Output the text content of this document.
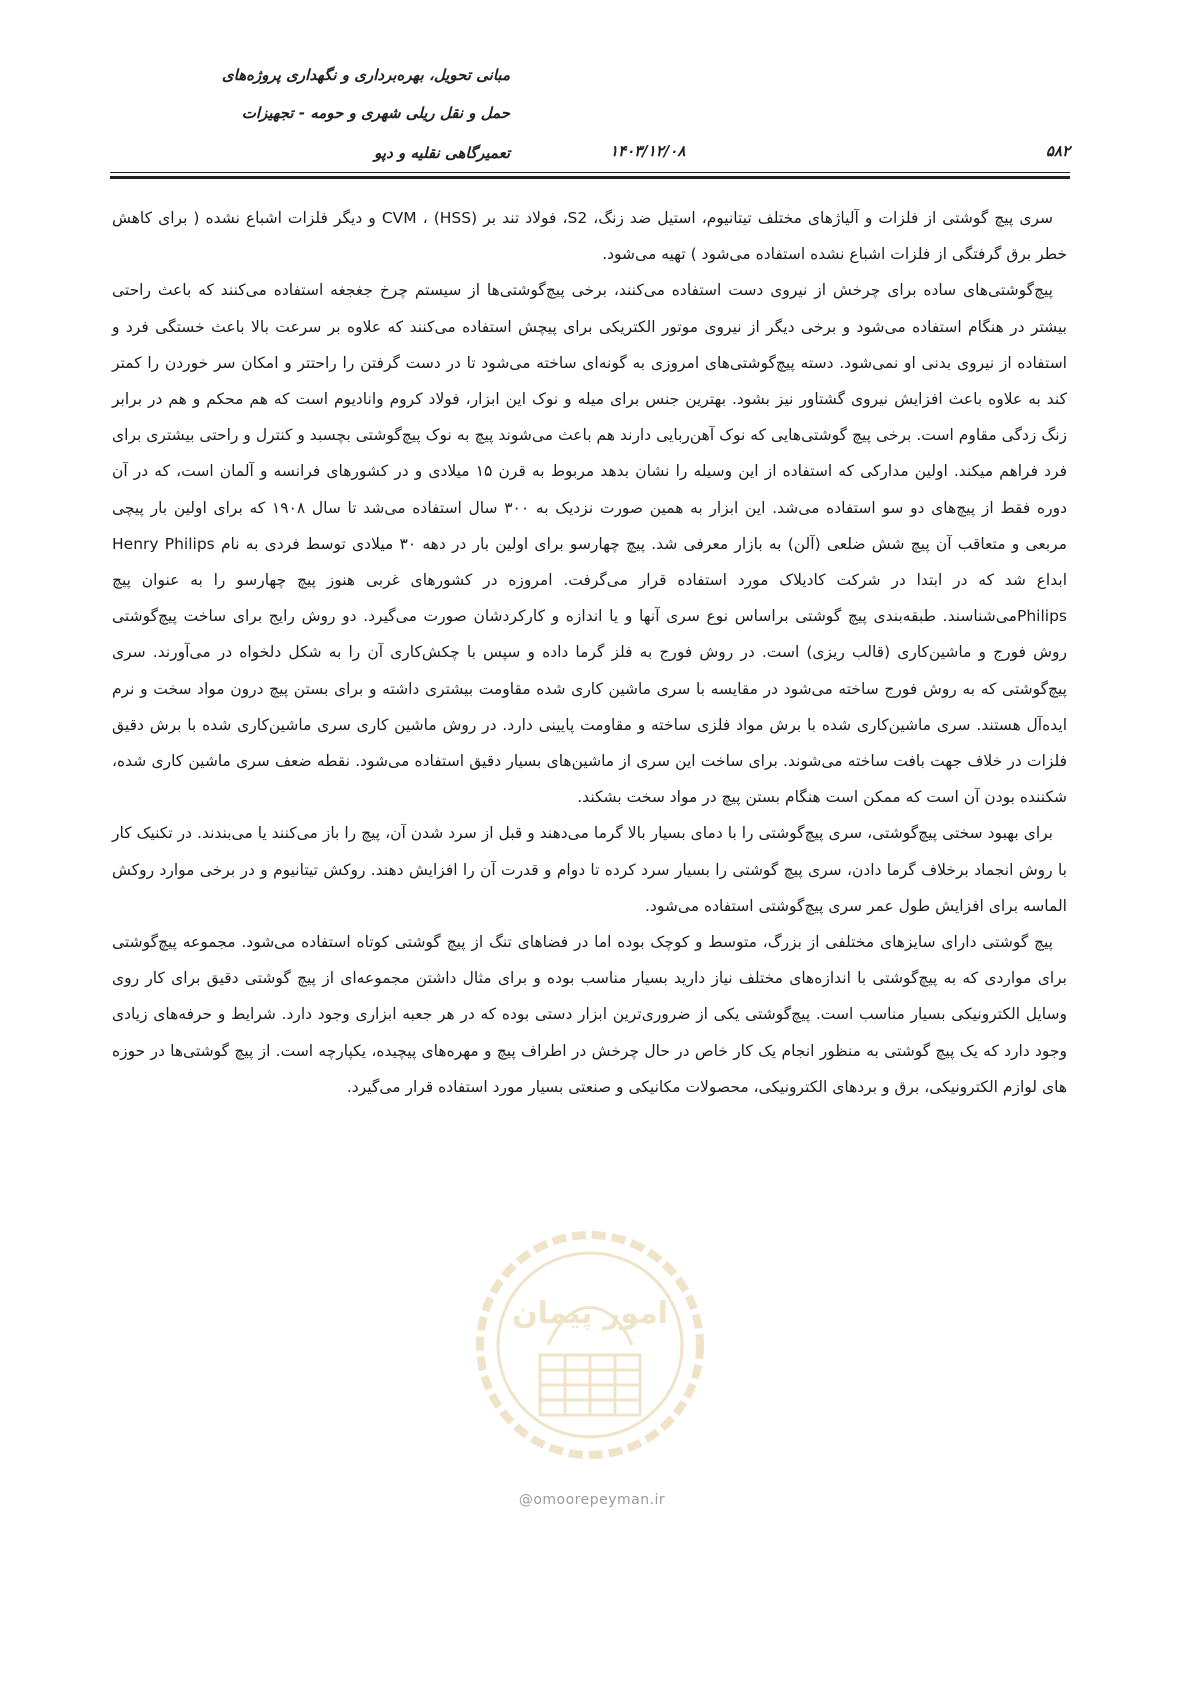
مبانی تحویل، بهره‌برداری و نگهداری پروژه‌های
حمل و نقل ریلی شهری و حومه - تجهیزات
تعمیرگاهی نقلیه و دپو	۱۴۰۳/۱۲/۰۸	۵۸۲

سری پیچ گوشتی از فلزات و آلیاژهای مختلف تیتانیوم، استیل ضد زنگ، S2، فولاد تند بر (HSS) ، CVM و دیگر فلزات اشباع نشده ( برای کاهش خطر برق گرفتگی از فلزات اشباع نشده استفاده می‌شود ) تهیه می‌شود.

پیچ‌گوشتی‌های ساده برای چرخش از نیروی دست استفاده می‌کنند، برخی پیچ‌گوشتی‌ها از سیستم چرخ جغجغه استفاده می‌کنند که باعث راحتی بیشتر در هنگام استفاده می‌شود و برخی دیگر از نیروی موتور الکتریکی برای پیچش استفاده می‌کنند که علاوه بر سرعت بالا باعث خستگی فرد و استفاده از نیروی بدنی او نمی‌شود. دسته پیچ‌گوشتی‌های امروزی به گونه‌ای ساخته می‌شود تا در دست گرفتن را راحتتر و امکان سر خوردن را کمتر کند به علاوه باعث افزایش نیروی گشتاور نیز بشود. بهترین جنس برای میله و نوک این ابزار، فولاد کروم وانادیوم است که هم محکم و هم در برابر زنگ زدگی مقاوم است. برخی پیچ گوشتی‌هایی که نوک آهن‌ربایی دارند هم باعث می‌شوند پیچ به نوک پیچ‌گوشتی بچسبد و کنترل و راحتی بیشتری برای فرد فراهم میکند. اولین مدارکی که استفاده از این وسیله را نشان بدهد مربوط به قرن ۱۵ میلادی و در کشورهای فرانسه و آلمان است، که در آن دوره فقط از پیچ‌های دو سو استفاده می‌شد. این ابزار به همین صورت نزدیک به ۳۰۰ سال استفاده می‌شد تا سال ۱۹۰۸ که برای اولین بار پیچی مربعی و متعاقب آن پیچ شش ضلعی (آلن) به بازار معرفی شد. پیچ چهارسو برای اولین بار در دهه ۳۰ میلادی توسط فردی به نام Henry Philips ابداع شد که در ابتدا در شرکت کادیلاک مورد استفاده قرار می‌گرفت. امروزه در کشورهای غربی هنوز پیچ چهارسو را به عنوان پیچ Philipsمی‌شناسند. طبقه‌بندی پیچ گوشتی براساس نوع سری آنها و یا اندازه و کارکردشان صورت می‌گیرد. دو روش رایج برای ساخت پیچ‌گوشتی روش فورج و ماشین‌کاری (قالب ریزی) است. در روش فورج به فلز گرما داده و سپس با چکش‌کاری آن را به شکل دلخواه در می‌آورند. سری پیچ‌گوشتی که به روش فورج ساخته می‌شود در مقایسه با سری ماشین کاری شده مقاومت بیشتری داشته و برای بستن پیچ درون مواد سخت و نرم ایده‌آل هستند. سری ماشین‌کاری شده با برش مواد فلزی ساخته و مقاومت پایینی دارد. در روش ماشین کاری سری ماشین‌کاری شده با برش دقیق فلزات در خلاف جهت بافت ساخته می‌شوند. برای ساخت این سری از ماشین‌های بسیار دقیق استفاده می‌شود. نقطه ضعف سری ماشین کاری شده، شکننده بودن آن است که ممکن است هنگام بستن پیچ در مواد سخت بشکند.

برای بهبود سختی پیچ‌گوشتی، سری پیچ‌گوشتی را با دمای بسیار بالا گرما می‌دهند و قبل از سرد شدن آن، پیچ را باز می‌کنند یا می‌بندند. در تکنیک کار با روش انجماد برخلاف گرما دادن، سری پیچ گوشتی را بسیار سرد کرده تا دوام و قدرت آن را افزایش دهند. روکش تیتانیوم و در برخی موارد روکش الماسه برای افزایش طول عمر سری پیچ‌گوشتی استفاده می‌شود.

پیچ گوشتی دارای سایزهای مختلفی از بزرگ، متوسط و کوچک بوده اما در فضاهای تنگ از پیچ گوشتی کوتاه استفاده می‌شود. مجموعه پیچ‌گوشتی برای مواردی که به پیچ‌گوشتی با اندازه‌های مختلف نیاز دارید بسیار مناسب بوده و برای مثال داشتن مجموعه‌ای از پیچ گوشتی دقیق برای کار روی وسایل الکترونیکی بسیار مناسب است. پیچ‌گوشتی یکی از ضروری‌ترین ابزار دستی بوده که در هر جعبه ابزاری وجود دارد. شرایط و حرفه‌های زیادی وجود دارد که یک پیچ گوشتی به منظور انجام یک کار خاص در حال چرخش در اطراف پیچ و مهره‌های پیچیده، یکپارچه است. از پیچ گوشتی‌ها در حوزه های لوازم الکترونیکی، برق و بردهای الکترونیکی، محصولات مکانیکی و صنعتی بسیار مورد استفاده قرار می‌گیرد.

امور پیمان
@omoorepeyman.ir
